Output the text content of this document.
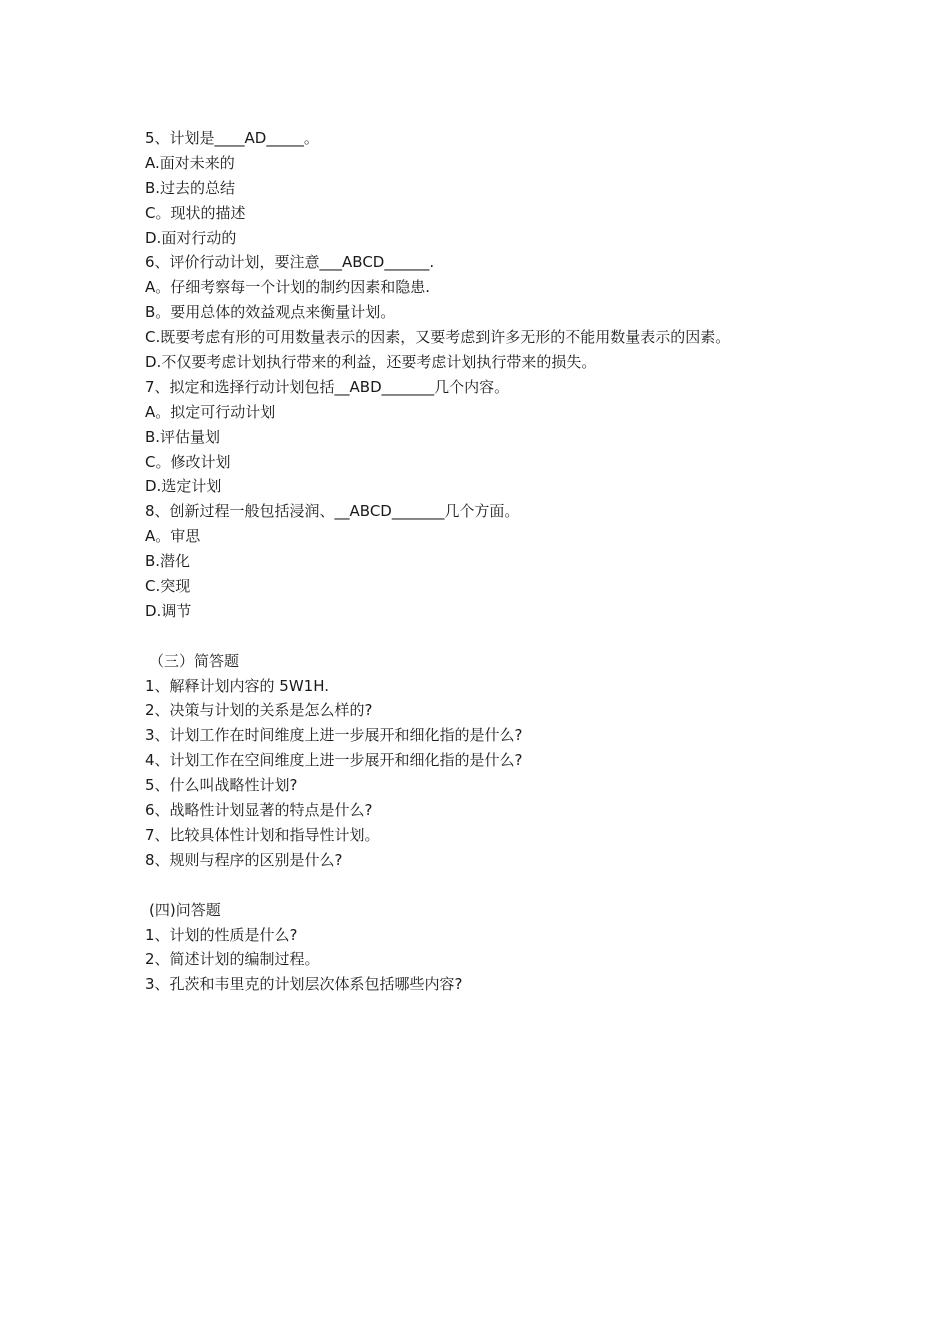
5、计划是____AD_____。
A.面对未来的
B.过去的总结
C。现状的描述
D.面对行动的
6、评价行动计划，要注意___ABCD______.
A。仔细考察每一个计划的制约因素和隐患.
B。要用总体的效益观点来衡量计划。
C.既要考虑有形的可用数量表示的因素，又要考虑到许多无形的不能用数量表示的因素。
D.不仅要考虑计划执行带来的利益，还要考虑计划执行带来的损失。
7、拟定和选择行动计划包括__ABD_______几个内容。
A。拟定可行动计划
B.评估量划
C。修改计划
D.选定计划
8、创新过程一般包括浸润、__ABCD_______几个方面。
A。审思
B.潜化
C.突现
D.调节
（三）简答题
1、解释计划内容的 5W1H.
2、决策与计划的关系是怎么样的?
3、计划工作在时间维度上进一步展开和细化指的是什么?
4、计划工作在空间维度上进一步展开和细化指的是什么?
5、什么叫战略性计划?
6、战略性计划显著的特点是什么?
7、比较具体性计划和指导性计划。
8、规则与程序的区别是什么?
(四)问答题
1、计划的性质是什么?
2、简述计划的编制过程。
3、孔茨和韦里克的计划层次体系包括哪些内容?
